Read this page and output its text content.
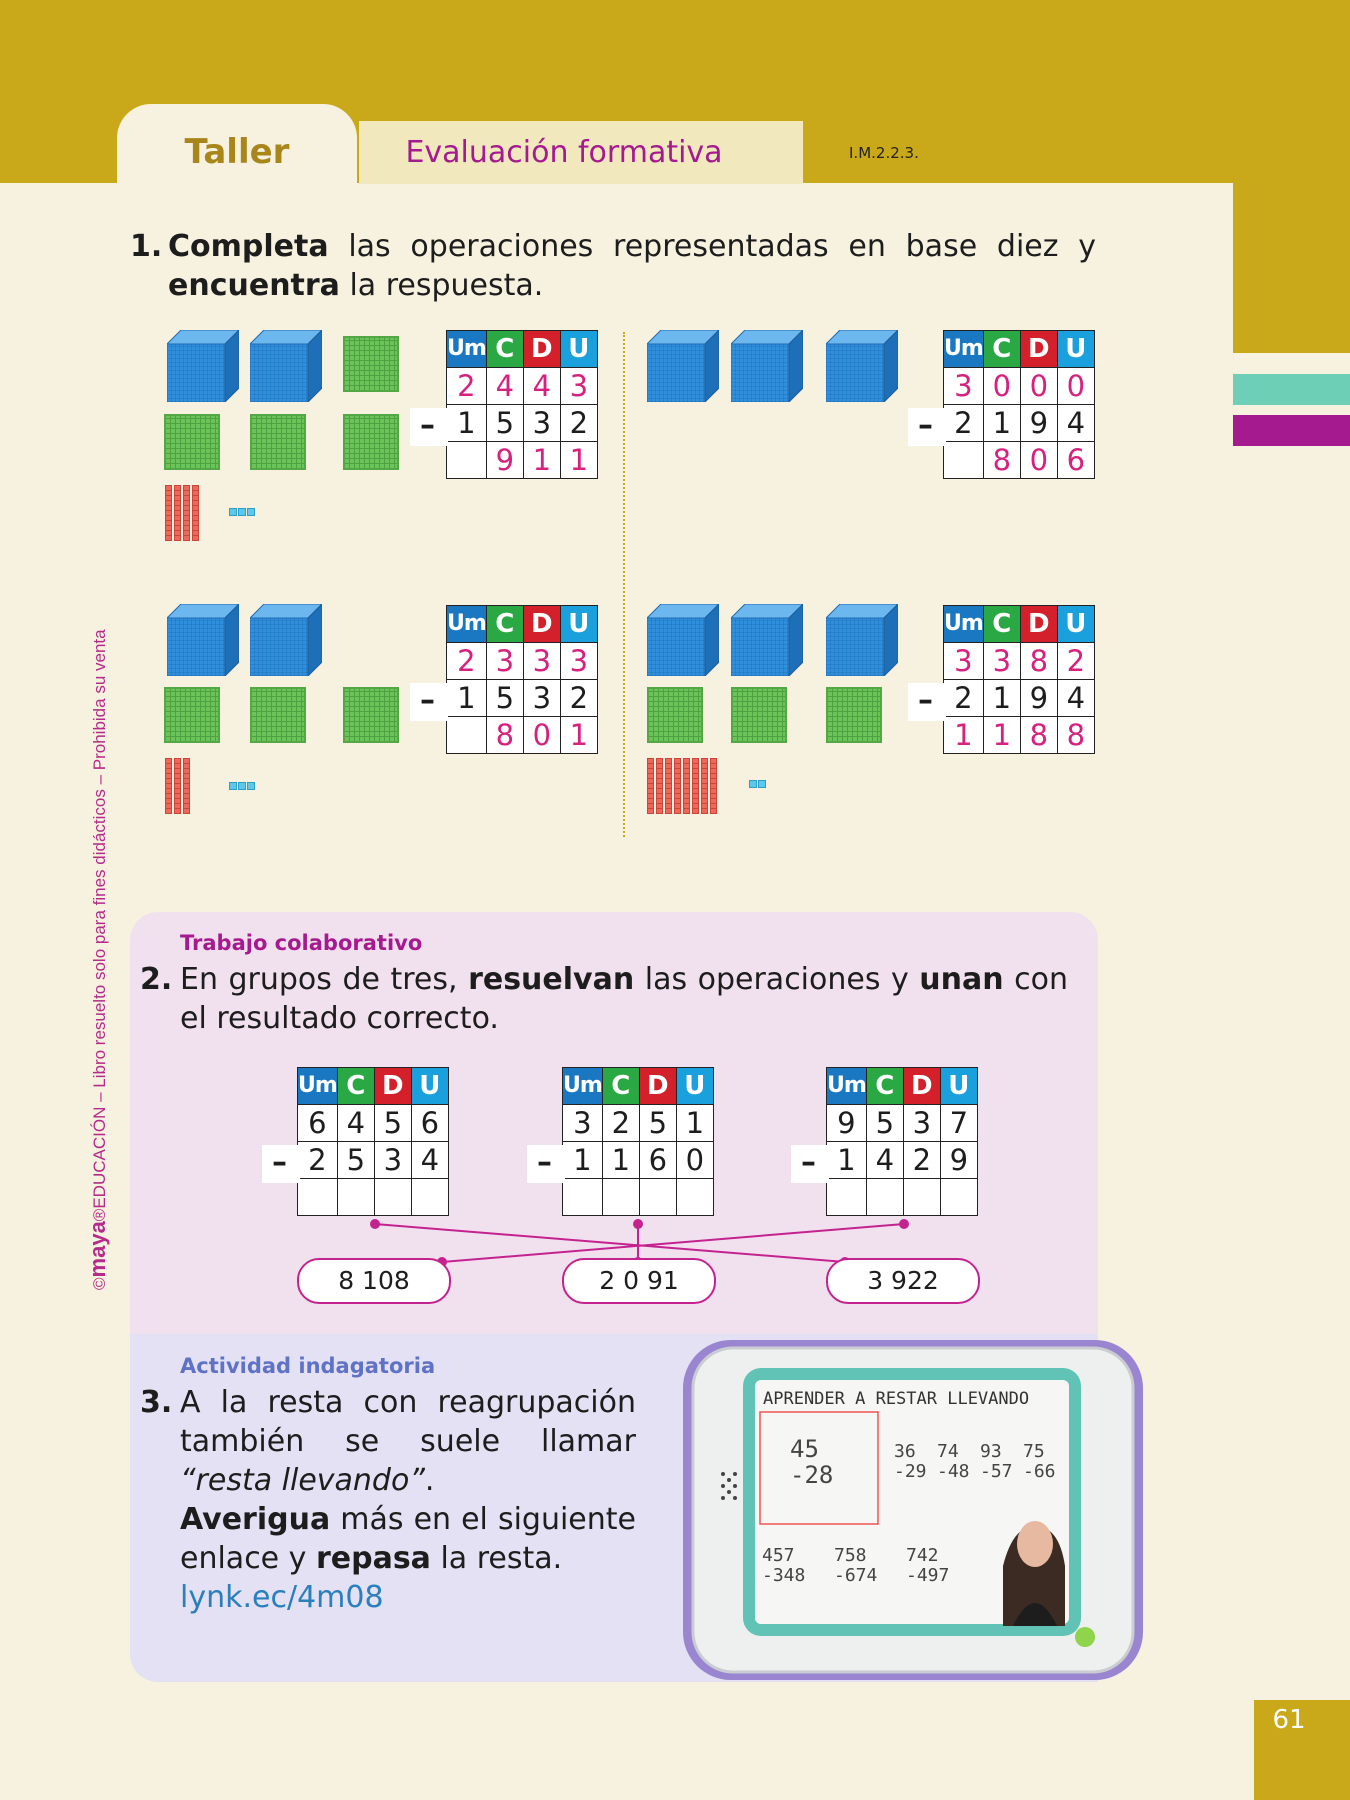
61
Taller	Evaluación formativa	I.M.2.2.3.
©maya®EDUCACIÓN – Libro resuelto solo para fines didácticos – Prohibida su venta
1. Completa las operaciones representadas en base diez y encuentra la respuesta.
Um	C	D	U
2	4	4	3
1	5	3	2
	9	1	1
–
Um	C	D	U
3	0	0	0
2	1	9	4
	8	0	6
–
Um	C	D	U
2	3	3	3
1	5	3	2
	8	0	1
–
Um	C	D	U
3	3	8	2
2	1	9	4
1	1	8	8
–
Trabajo colaborativo
2. En grupos de tres, resuelvan las operaciones y unan con el resultado correcto.
Um	C	D	U
6	4	5	6
2	5	3	4

–
Um	C	D	U
3	2	5	1
1	1	6	0

–
Um	C	D	U
9	5	3	7
1	4	2	9

–
8 108	2 0 91	3 922
Actividad indagatoria
3. A la resta con reagrupación también se suele llamar “resta llevando”.
Averigua más en el siguiente enlace y repasa la resta.
lynk.ec/4m08
APRENDER A RESTAR LLEVANDO
45
-28
36
-29
74
-48
93
-57
75
-66
457
-348
758
-674
742
-497
